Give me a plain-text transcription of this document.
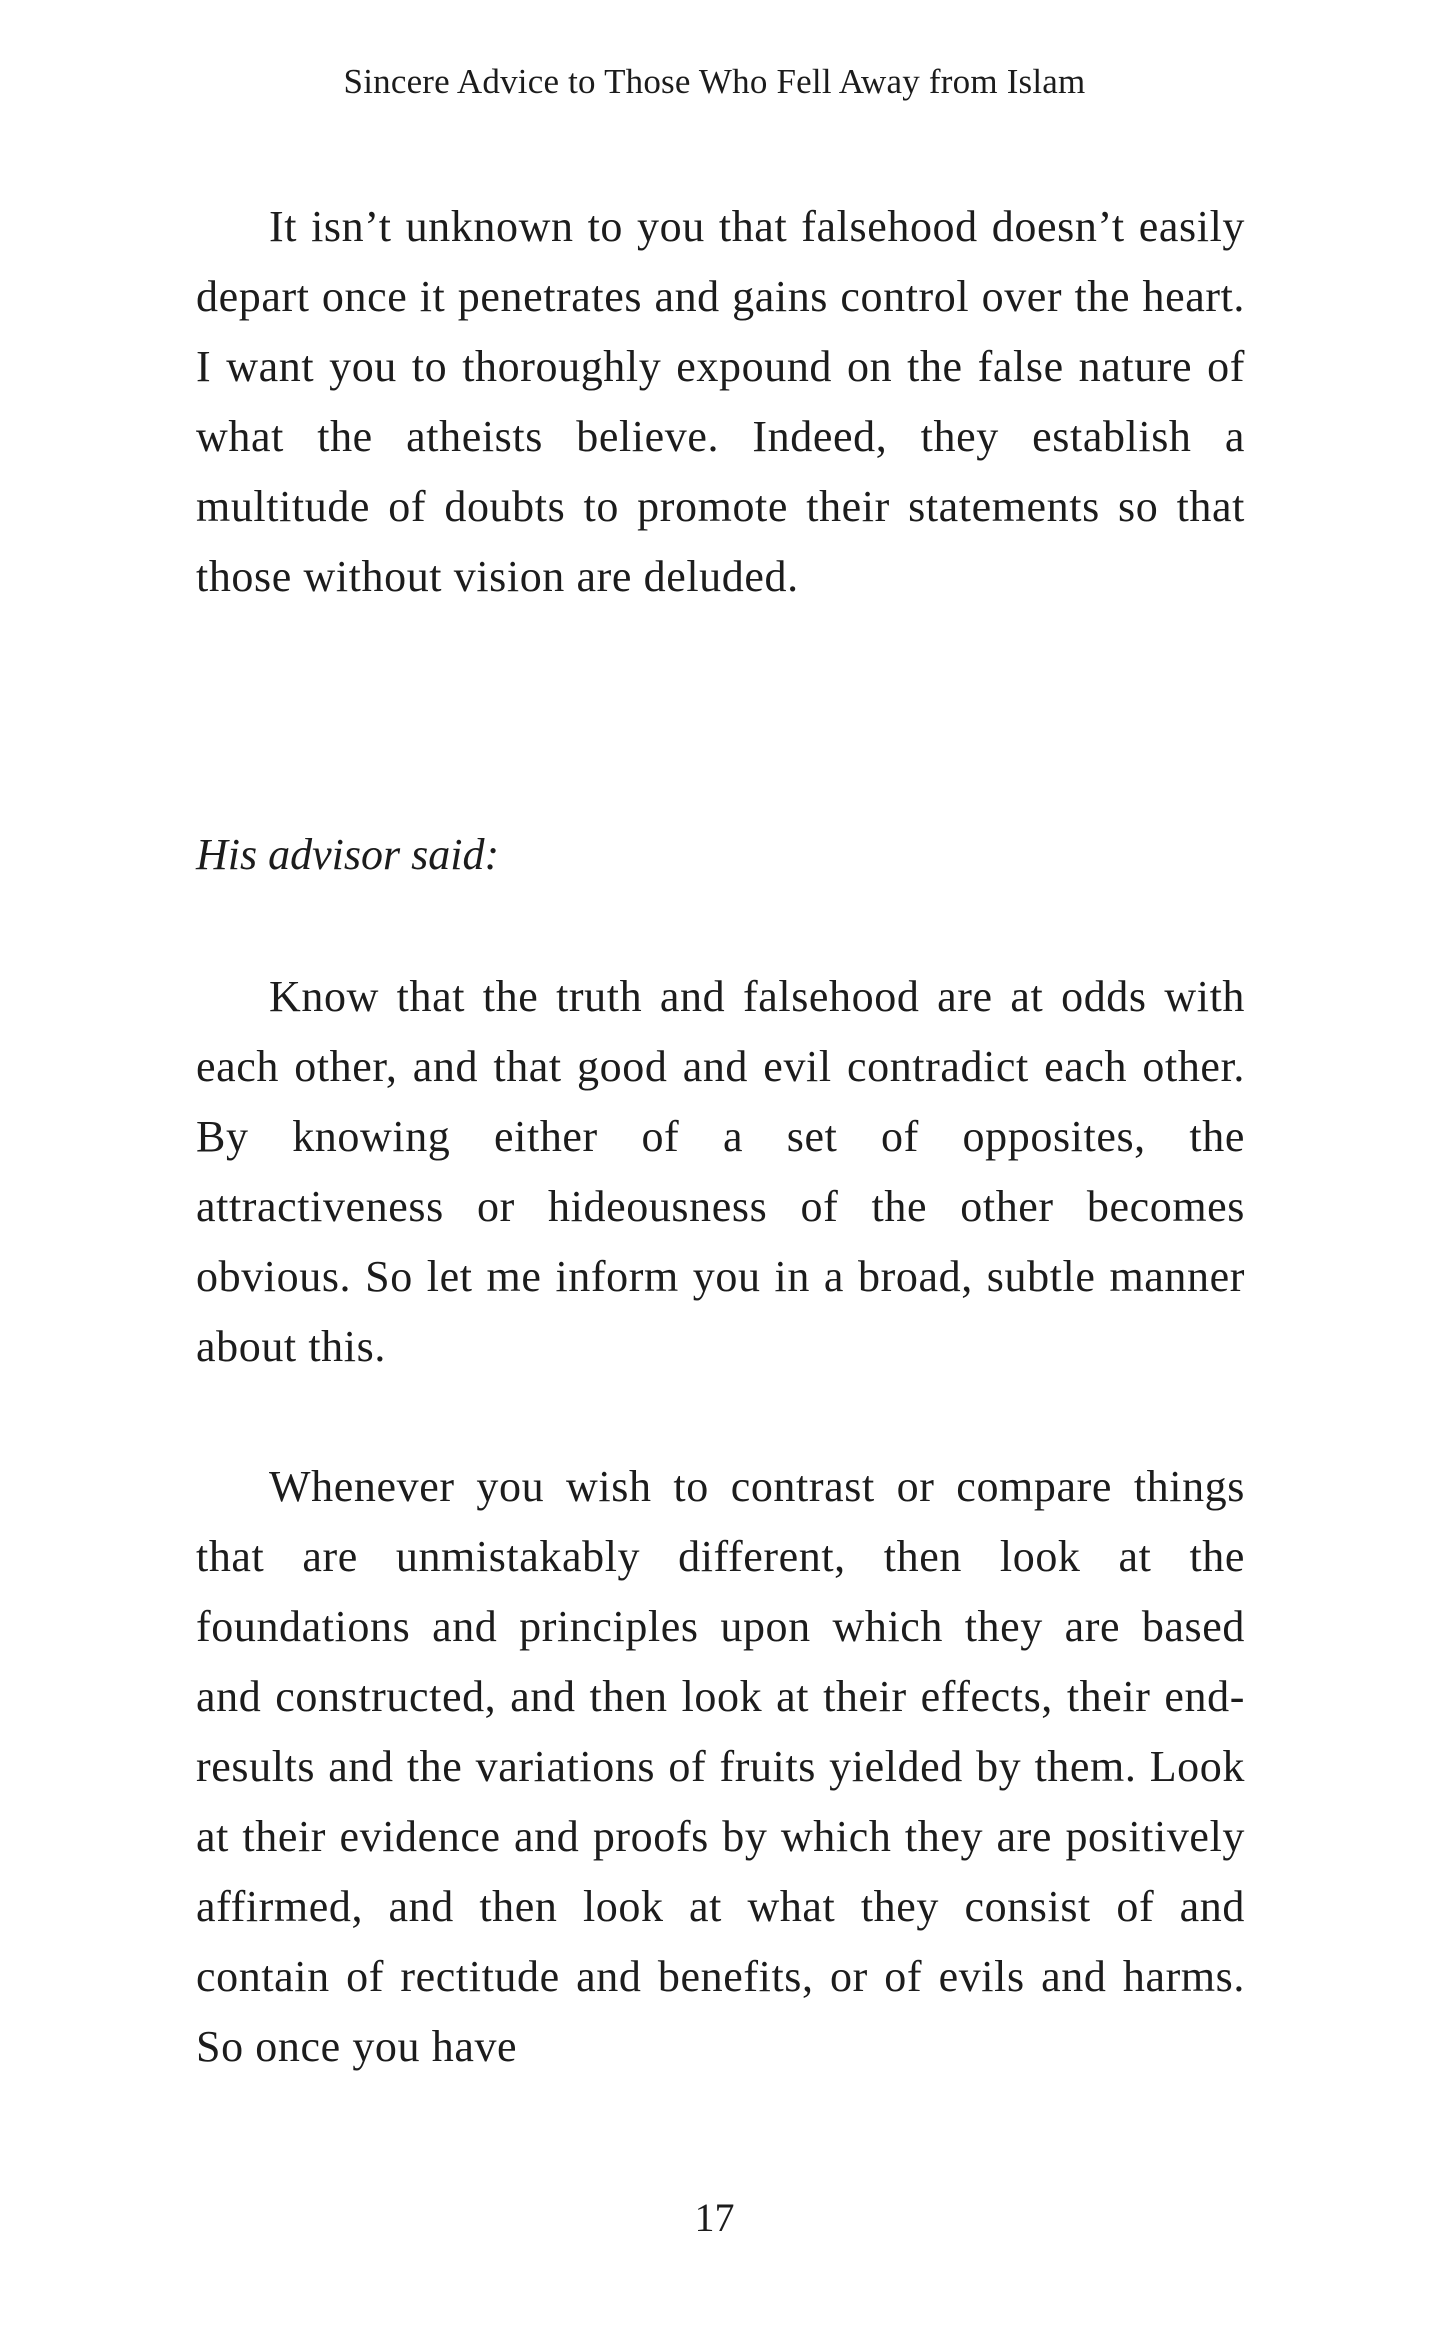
Sincere Advice to Those Who Fell Away from Islam

It isn’t unknown to you that falsehood doesn’t easily depart once it penetrates and gains control over the heart. I want you to thoroughly expound on the false nature of what the atheists believe. Indeed, they establish a multitude of doubts to promote their statements so that those without vision are deluded.

His advisor said:

Know that the truth and falsehood are at odds with each other, and that good and evil contradict each other. By knowing either of a set of opposites, the attractiveness or hideousness of the other becomes obvious. So let me inform you in a broad, subtle manner about this.

Whenever you wish to contrast or compare things that are unmistakably different, then look at the foundations and principles upon which they are based and constructed, and then look at their effects, their end-results and the variations of fruits yielded by them. Look at their evidence and proofs by which they are positively affirmed, and then look at what they consist of and contain of rectitude and benefits, or of evils and harms. So once you have

17
